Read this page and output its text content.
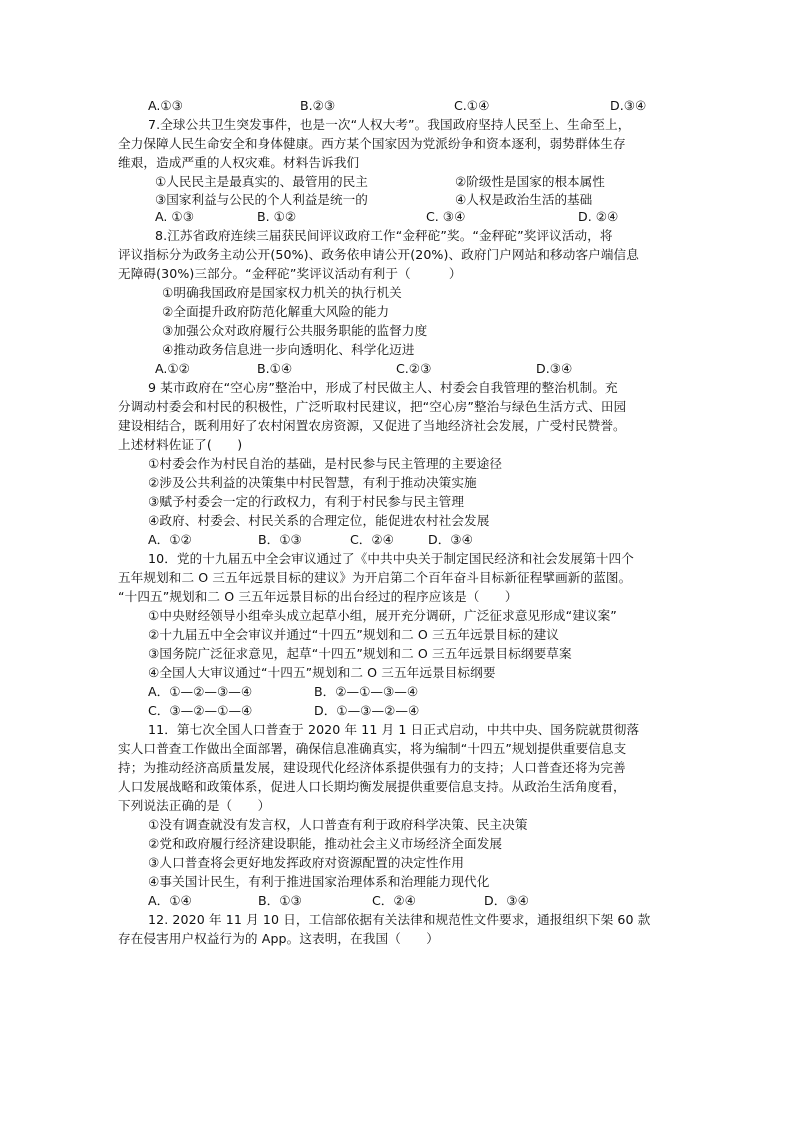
A.①③	B.②③	C.①④	D.③④
7.全球公共卫生突发事件，也是一次“人权大考”。我国政府坚持人民至上、生命至上，
全力保障人民生命安全和身体健康。西方某个国家因为党派纷争和资本逐利，弱势群体生存
维艰，造成严重的人权灾难。材料告诉我们
①人民民主是最真实的、最管用的民主	②阶级性是国家的根本属性
③国家利益与公民的个人利益是统一的	④人权是政治生活的基础
A. ①③	B. ①②	C. ③④	D. ②④
8.江苏省政府连续三届获民间评议政府工作“金秤砣”奖。“金秤砣”奖评议活动，将
评议指标分为政务主动公开(50%)、政务依申请公开(20%)、政府门户网站和移动客户端信息
无障碍(30%)三部分。“金秤砣”奖评议活动有利于（　　　）
①明确我国政府是国家权力机关的执行机关
②全面提升政府防范化解重大风险的能力
③加强公众对政府履行公共服务职能的监督力度
④推动政务信息进一步向透明化、科学化迈进
A.①②	B.①④	C.②③	D.③④
9 某市政府在“空心房”整治中，形成了村民做主人、村委会自我管理的整治机制。充
分调动村委会和村民的积极性，广泛听取村民建议，把“空心房”整治与绿色生活方式、田园
建设相结合，既利用好了农村闲置农房资源，又促进了当地经济社会发展，广受村民赞誉。
上述材料佐证了(　　)
①村委会作为村民自治的基础，是村民参与民主管理的主要途径
②涉及公共利益的决策集中村民智慧，有利于推动决策实施
③赋予村委会一定的行政权力，有利于村民参与民主管理
④政府、村委会、村民关系的合理定位，能促进农村社会发展
A．①②	B．①③	C．②④	D．③④
10．党的十九届五中全会审议通过了《中共中央关于制定国民经济和社会发展第十四个
五年规划和二 O 三五年远景目标的建议》为开启第二个百年奋斗目标新征程擘画新的蓝图。
“十四五”规划和二 O 三五年远景目标的出台经过的程序应该是（　　）
①中央财经领导小组牵头成立起草小组，展开充分调研，广泛征求意见形成“建议案”
②十九届五中全会审议并通过“十四五”规划和二 O 三五年远景目标的建议
③国务院广泛征求意见，起草“十四五”规划和二 O 三五年远景目标纲要草案
④全国人大审议通过“十四五”规划和二 O 三五年远景目标纲要
A．①—②—③—④	B．②—①—③—④
C．③—②—①—④	D．①—③—②—④
11．第七次全国人口普查于 2020 年 11 月 1 日正式启动，中共中央、国务院就贯彻落
实人口普查工作做出全面部署，确保信息准确真实，将为编制“十四五”规划提供重要信息支
持；为推动经济高质量发展，建设现代化经济体系提供强有力的支持；人口普查还将为完善
人口发展战略和政策体系，促进人口长期均衡发展提供重要信息支持。从政治生活角度看，
下列说法正确的是（　　）
①没有调查就没有发言权，人口普查有利于政府科学决策、民主决策
②党和政府履行经济建设职能，推动社会主义市场经济全面发展
③人口普查将会更好地发挥政府对资源配置的决定性作用
④事关国计民生，有利于推进国家治理体系和治理能力现代化
A．①④	B．①③	C．②④	D．③④
12. 2020 年 11 月 10 日，工信部依据有关法律和规范性文件要求，通报组织下架 60 款
存在侵害用户权益行为的 App。这表明，在我国（　　）
